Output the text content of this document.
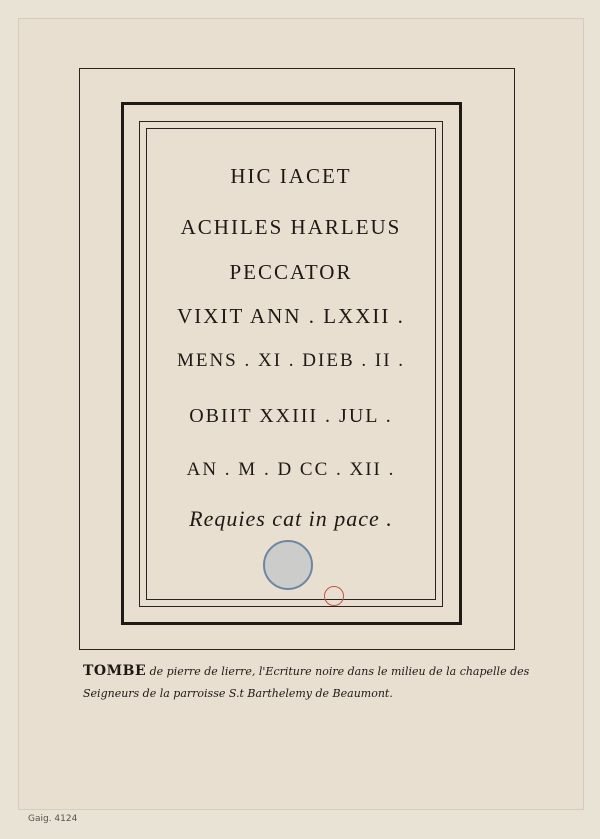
HIC IACET
ACHILES HARLEUS
PECCATOR
VIXIT ANN . LXXII .
MENS . XI . DIEB . II .
OBIIT XXIII . JUL .
AN . M . D CC . XII .
Requies cat in pace .
TOMBE de pierre de lierre, l'Ecriture noire dans le milieu de la chapelle des
Seigneurs de la parroisse S.t Barthelemy de Beaumont.
Gaig. 4124
